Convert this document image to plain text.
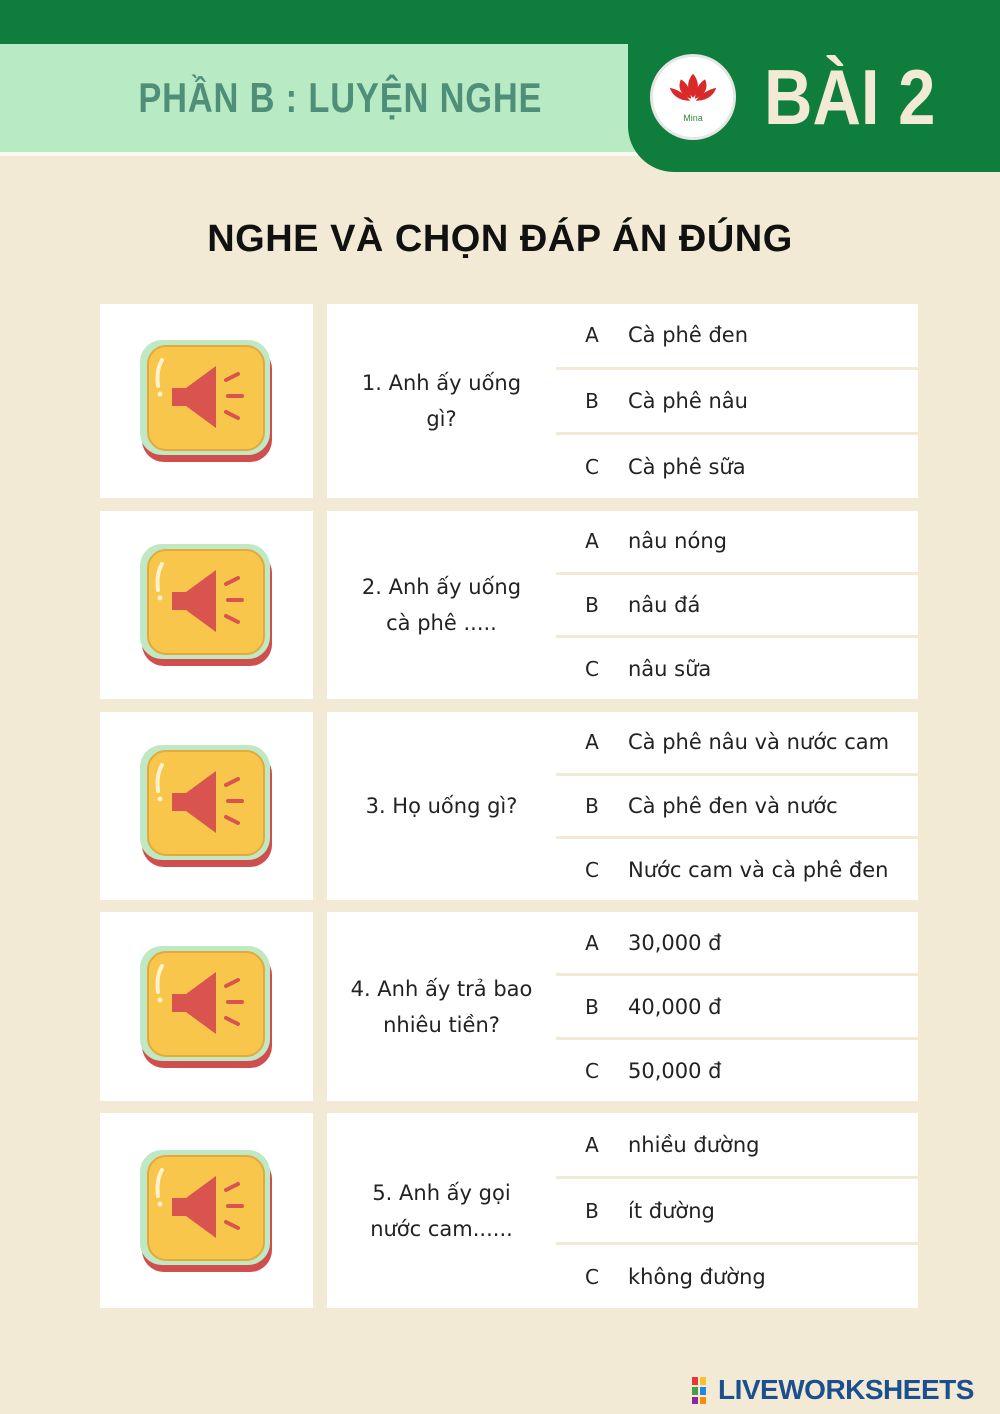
PHẦN B : LUYỆN NGHE	Mina BÀI 2
NGHE VÀ CHỌN ĐÁP ÁN ĐÚNG
1. Anh ấy uống gì?
A	Cà phê đen
B	Cà phê nâu
C	Cà phê sữa
2. Anh ấy uống cà phê .....
A	nâu nóng
B	nâu đá
C	nâu sữa
3. Họ uống gì?
A	Cà phê nâu và nước cam
B	Cà phê đen và nước
C	Nước cam và cà phê đen
4. Anh ấy trả bao nhiêu tiền?
A	30,000 đ
B	40,000 đ
C	50,000 đ
5. Anh ấy gọi nước cam......
A	nhiều đường
B	ít đường
C	không đường
LIVEWORKSHEETS
